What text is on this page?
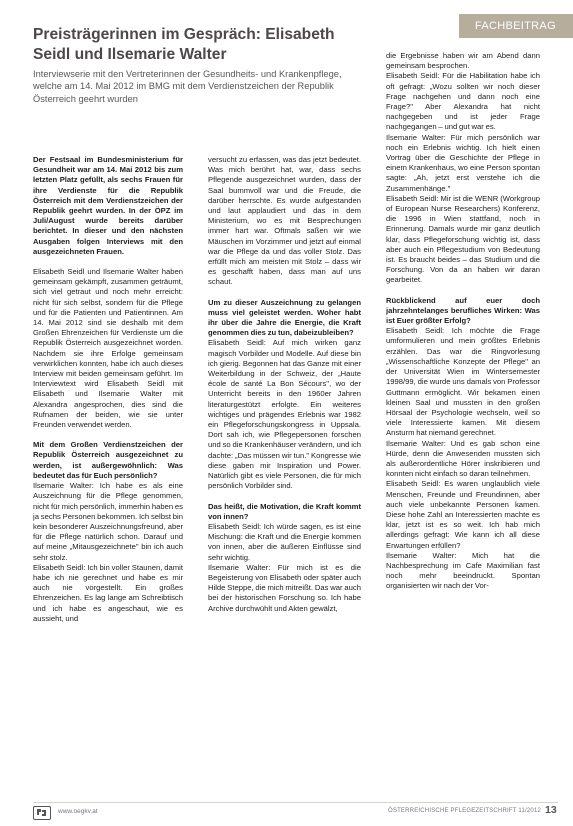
FACHBEITRAG
Preisträgerinnen im Gespräch: Elisabeth Seidl und Ilsemarie Walter

Interviewserie mit den Vertreterinnen der Gesundheits- und Krankenpflege, welche am 14. Mai 2012 im BMG mit dem Verdienstzeichen der Republik Österreich geehrt wurden

Der Festsaal im Bundesministerium für Gesundheit war am 14. Mai 2012 bis zum letzten Platz gefüllt, als sechs Frauen für ihre Verdienste für die Republik Österreich mit dem Verdienstzeichen der Republik geehrt wurden. In der ÖPZ im Juli/August wurde bereits darüber berichtet. In dieser und den nächsten Ausgaben folgen Interviews mit den ausgezeichneten Frauen.

Elisabeth Seidl und Ilsemarie Walter haben gemeinsam gekämpft, zusammen geträumt, sich viel getraut und noch mehr erreicht: nicht für sich selbst, sondern für die Pflege und für die Patienten und Patientinnen. Am 14. Mai 2012 sind sie deshalb mit dem Großen Ehrenzeichen für Verdienste um die Republik Österreich ausgezeichnet worden. Nachdem sie ihre Erfolge gemeinsam verwirklichen konnten, habe ich auch dieses Interview mit beiden gemeinsam geführt. Im Interviewtext wird Elisabeth Seidl mit Elisabeth und Ilsemarie Walter mit Alexandra angesprochen, dies sind die Rufnamen der beiden, wie sie unter Freunden verwendet werden.

Mit dem Großen Verdienstzeichen der Republik Österreich ausgezeichnet zu werden, ist außergewöhnlich: Was bedeutet das für Euch persönlich?

Ilsemarie Walter: Ich habe es als eine Auszeichnung für die Pflege genommen, nicht für mich persönlich, immerhin haben es ja sechs Personen bekommen. Ich selbst bin kein besonderer Auszeichnungsfreund, aber für die Pflege natürlich schon. Darauf und auf meine „Mitausgezeichnete" bin ich auch sehr stolz.

Elisabeth Seidl: Ich bin voller Staunen, damit habe ich nie gerechnet und habe es mir auch nie vorgestellt. Ein großes Ehrenzeichen. Es lag lange am Schreibtisch und ich habe es angeschaut, wie es aussieht, und

versucht zu erfassen, was das jetzt bedeutet. Was mich berührt hat, war, dass sechs Pflegende ausgezeichnet wurden, dass der Saal bummvoll war und die Freude, die darüber herrschte. Es wurde aufgestanden und laut applaudiert und das in dem Ministerium, wo es mit Besprechungen immer hart war. Oftmals saßen wir wie Mäuschen im Vorzimmer und jetzt auf einmal war die Pflege da und das voller Stolz. Das erfüllt mich am meisten mit Stolz – dass wir es geschafft haben, dass man auf uns schaut.

Um zu dieser Auszeichnung zu gelangen muss viel geleistet werden. Woher habt ihr über die Jahre die Energie, die Kraft genommen dies zu tun, dabeizubleiben?

Elisabeth Seidl: Auf mich wirken ganz magisch Vorbilder und Modelle. Auf diese bin ich gierig. Begonnen hat das Ganze mit einer Weiterbildung in der Schweiz, der „Haute école de santé La Bon Sécours", wo der Unterricht bereits in den 1960er Jahren literaturgestützt erfolgte. Ein weiteres wichtiges und prägendes Erlebnis war 1982 ein Pflegeforschungskongress in Uppsala. Dort sah ich, wie Pflegepersonen forschen und so die Krankenhäuser verändern, und ich dachte: „Das müssen wir tun." Kongresse wie diese gaben mir Inspiration und Power. Natürlich gibt es viele Personen, die für mich persönlich Vorbilder sind.

Das heißt, die Motivation, die Kraft kommt von innen?

Elisabeth Seidl: Ich würde sagen, es ist eine Mischung: die Kraft und die Energie kommen von innen, aber die äußeren Einflüsse sind sehr wichtig.

Ilsemarie Walter: Für mich ist es die Begeisterung von Elisabeth oder später auch Hilde Steppe, die mich mitreißt. Das war auch bei der historischen Forschung so. Ich habe Archive durchwühlt und Akten gewälzt,

die Ergebnisse haben wir am Abend dann gemeinsam besprochen.

Elisabeth Seidl: Für die Habilitation habe ich oft gefragt: „Wozu sollten wir noch dieser Frage nachgehen und dann noch eine Frage?" Aber Alexandra hat nicht nachgegeben und ist jeder Frage nachgegangen – und gut war es.

Ilsemarie Walter: Für mich persönlich war noch ein Erlebnis wichtig. Ich hielt einen Vortrag über die Geschichte der Pflege in einem Krankenhaus, wo eine Person spontan sagte: „Ah, jetzt erst verstehe ich die Zusammenhänge."

Elisabeth Seidl: Mir ist die WENR (Workgroup of European Nurse Researchers) Konferenz, die 1996 in Wien stattfand, noch in Erinnerung. Damals wurde mir ganz deutlich klar, dass Pflegeforschung wichtig ist, dass aber auch ein Pflegestudium von Bedeutung ist. Es braucht beides – das Studium und die Forschung. Von da an haben wir daran gearbeitet.

Rückblickend auf euer doch jahrzehntelanges berufliches Wirken: Was ist Euer größter Erfolg?

Elisabeth Seidl: Ich möchte die Frage umformulieren und mein größtes Erlebnis erzählen. Das war die Ringvorlesung „Wissenschaftliche Konzepte der Pflege" an der Universität Wien im Wintersemester 1998/99, die wurde uns damals von Professor Guttmann ermöglicht. Wir bekamen einen kleinen Saal und mussten in den großen Hörsaal der Psychologie wechseln, weil so viele Interessierte kamen. Mit diesem Ansturm hat niemand gerechnet.

Ilsemarie Walter: Und es gab schon eine Hürde, denn die Anwesenden mussten sich als außerordentliche Hörer inskribieren und konnten nicht einfach so daran teilnehmen.

Elisabeth Seidl: Es waren unglaublich viele Menschen, Freunde und Freundinnen, aber auch viele unbekannte Personen kamen. Diese hohe Zahl an Interessierten machte es klar, jetzt ist es so weit. Ich hab mich allerdings gefragt: Wie kann ich all diese Erwartungen erfüllen?

Ilsemarie Walter: Mich hat die Nachbesprechung im Cafe Maximilian fast noch mehr beeindruckt. Spontan organisierten wir nach der Vor-

www.oegkv.at	ÖSTERREICHISCHE PFLEGEZEITSCHRIFT 11/2012 13
